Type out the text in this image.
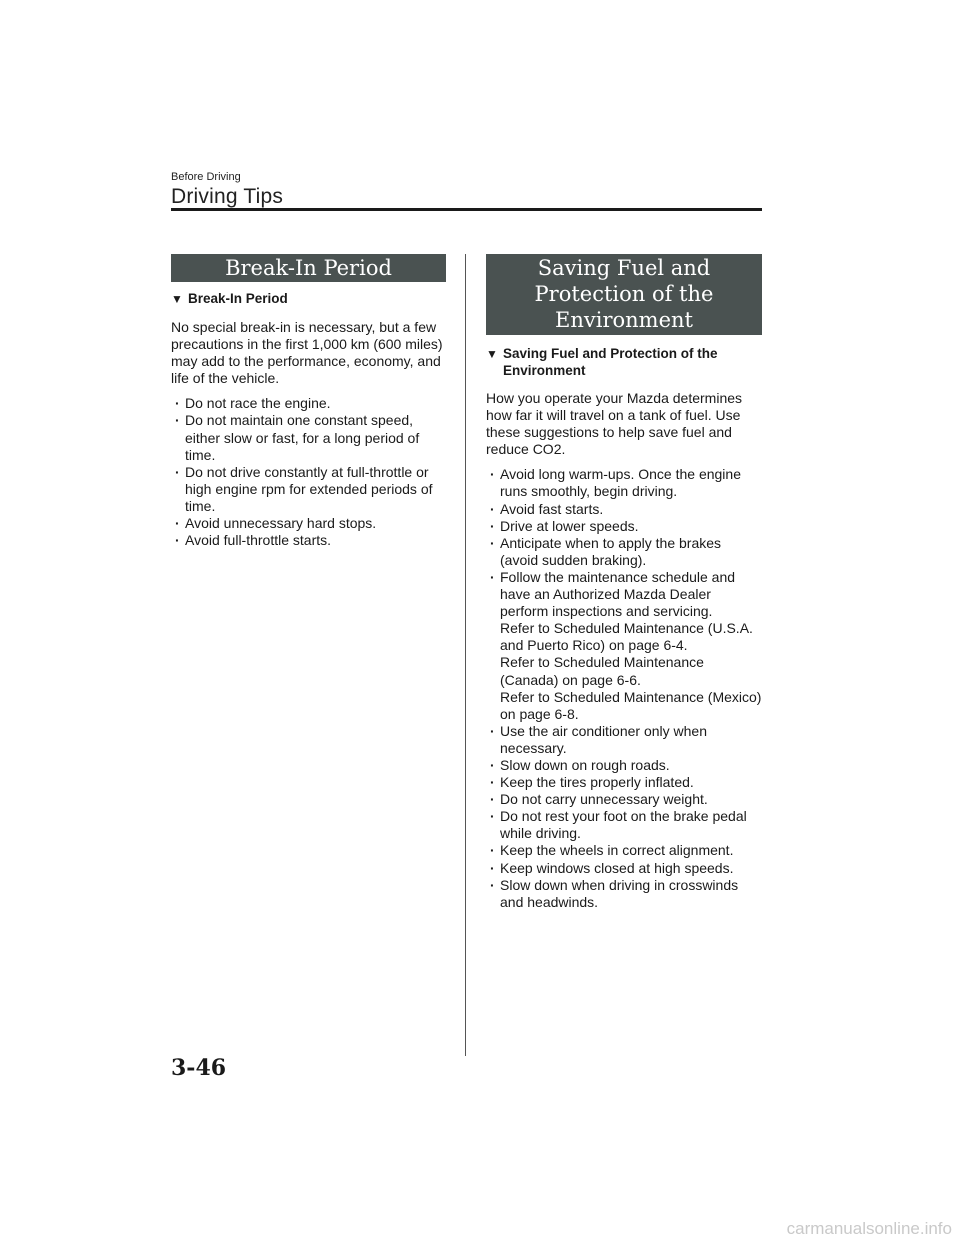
Before Driving
Driving Tips
Break-In Period
▼ Break-In Period
No special break-in is necessary, but a few precautions in the first 1,000 km (600 miles) may add to the performance, economy, and life of the vehicle.
· Do not race the engine.
· Do not maintain one constant speed, either slow or fast, for a long period of time.
· Do not drive constantly at full-throttle or high engine rpm for extended periods of time.
· Avoid unnecessary hard stops.
· Avoid full-throttle starts.
Saving Fuel and
Protection of the
Environment
▼ Saving Fuel and Protection of the
Environment
How you operate your Mazda determines how far it will travel on a tank of fuel. Use these suggestions to help save fuel and reduce CO2.
· Avoid long warm-ups. Once the engine runs smoothly, begin driving.
· Avoid fast starts.
· Drive at lower speeds.
· Anticipate when to apply the brakes (avoid sudden braking).
· Follow the maintenance schedule and have an Authorized Mazda Dealer perform inspections and servicing.
Refer to Scheduled Maintenance (U.S.A. and Puerto Rico) on page 6-4.
Refer to Scheduled Maintenance (Canada) on page 6-6.
Refer to Scheduled Maintenance (Mexico) on page 6-8.
· Use the air conditioner only when necessary.
· Slow down on rough roads.
· Keep the tires properly inflated.
· Do not carry unnecessary weight.
· Do not rest your foot on the brake pedal while driving.
· Keep the wheels in correct alignment.
· Keep windows closed at high speeds.
· Slow down when driving in crosswinds and headwinds.
3-46
carmanualsonline.info
